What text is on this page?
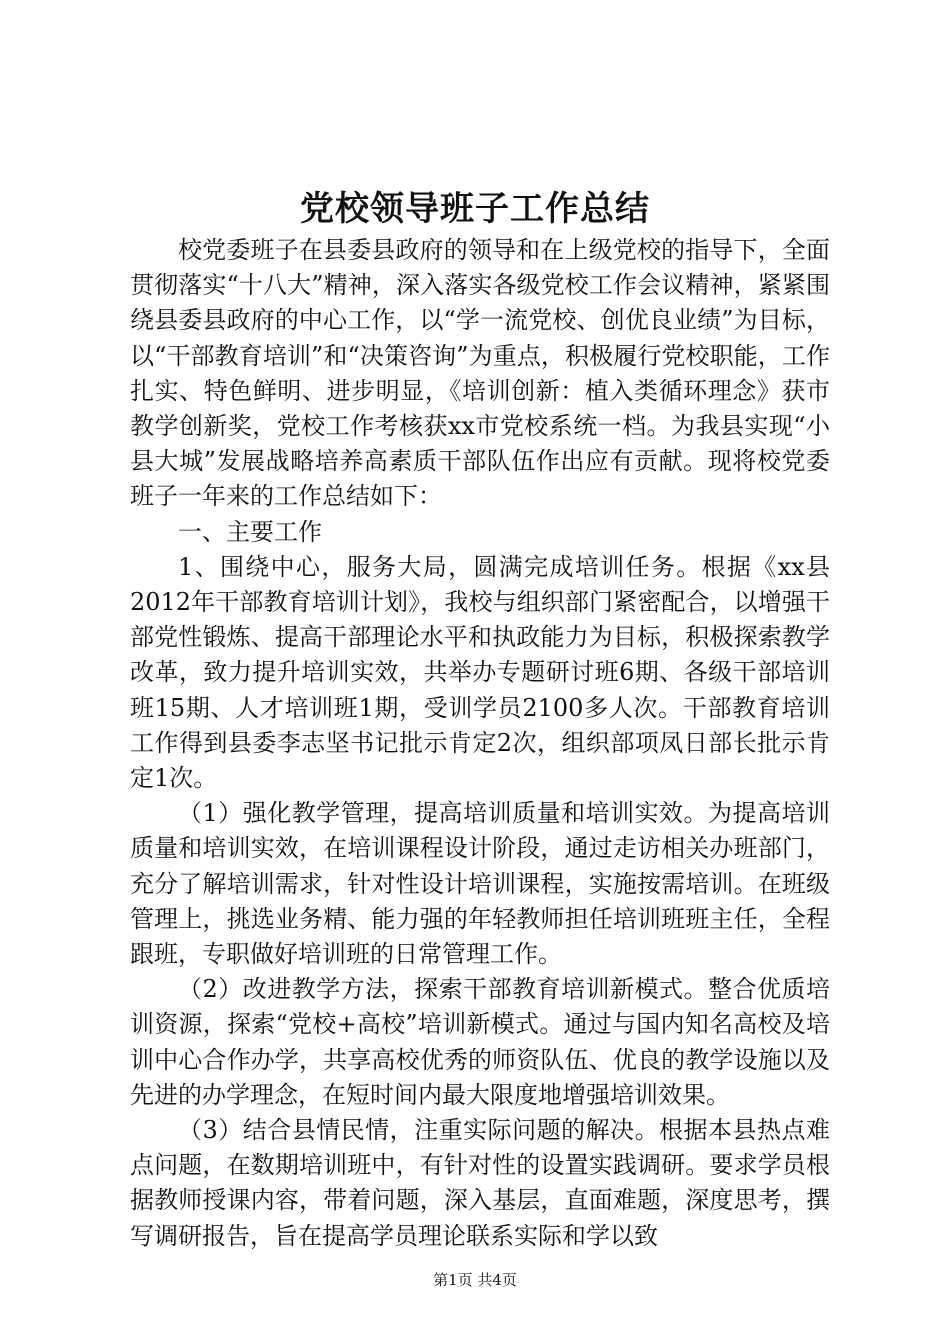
党校领导班子工作总结

校党委班子在县委县政府的领导和在上级党校的指导下，全面贯彻落实“十八大”精神，深入落实各级党校工作会议精神，紧紧围绕县委县政府的中心工作，以“学一流党校、创优良业绩”为目标，以“干部教育培训”和“决策咨询”为重点，积极履行党校职能，工作扎实、特色鲜明、进步明显，《培训创新：植入类循环理念》获市教学创新奖，党校工作考核获xx市党校系统一档。为我县实现“小县大城”发展战略培养高素质干部队伍作出应有贡献。现将校党委班子一年来的工作总结如下：

一、主要工作

1、围绕中心，服务大局，圆满完成培训任务。根据《xx县2012年干部教育培训计划》，我校与组织部门紧密配合，以增强干部党性锻炼、提高干部理论水平和执政能力为目标，积极探索教学改革，致力提升培训实效，共举办专题研讨班6期、各级干部培训班15期、人才培训班1期，受训学员2100多人次。干部教育培训工作得到县委李志坚书记批示肯定2次，组织部项凤日部长批示肯定1次。

（1）强化教学管理，提高培训质量和培训实效。为提高培训质量和培训实效，在培训课程设计阶段，通过走访相关办班部门，充分了解培训需求，针对性设计培训课程，实施按需培训。在班级管理上，挑选业务精、能力强的年轻教师担任培训班班主任，全程跟班，专职做好培训班的日常管理工作。

（2）改进教学方法，探索干部教育培训新模式。整合优质培训资源，探索“党校+高校”培训新模式。通过与国内知名高校及培训中心合作办学，共享高校优秀的师资队伍、优良的教学设施以及先进的办学理念，在短时间内最大限度地增强培训效果。

（3）结合县情民情，注重实际问题的解决。根据本县热点难点问题，在数期培训班中，有针对性的设置实践调研。要求学员根据教师授课内容，带着问题，深入基层，直面难题，深度思考，撰写调研报告，旨在提高学员理论联系实际和学以致

第1页 共4页
